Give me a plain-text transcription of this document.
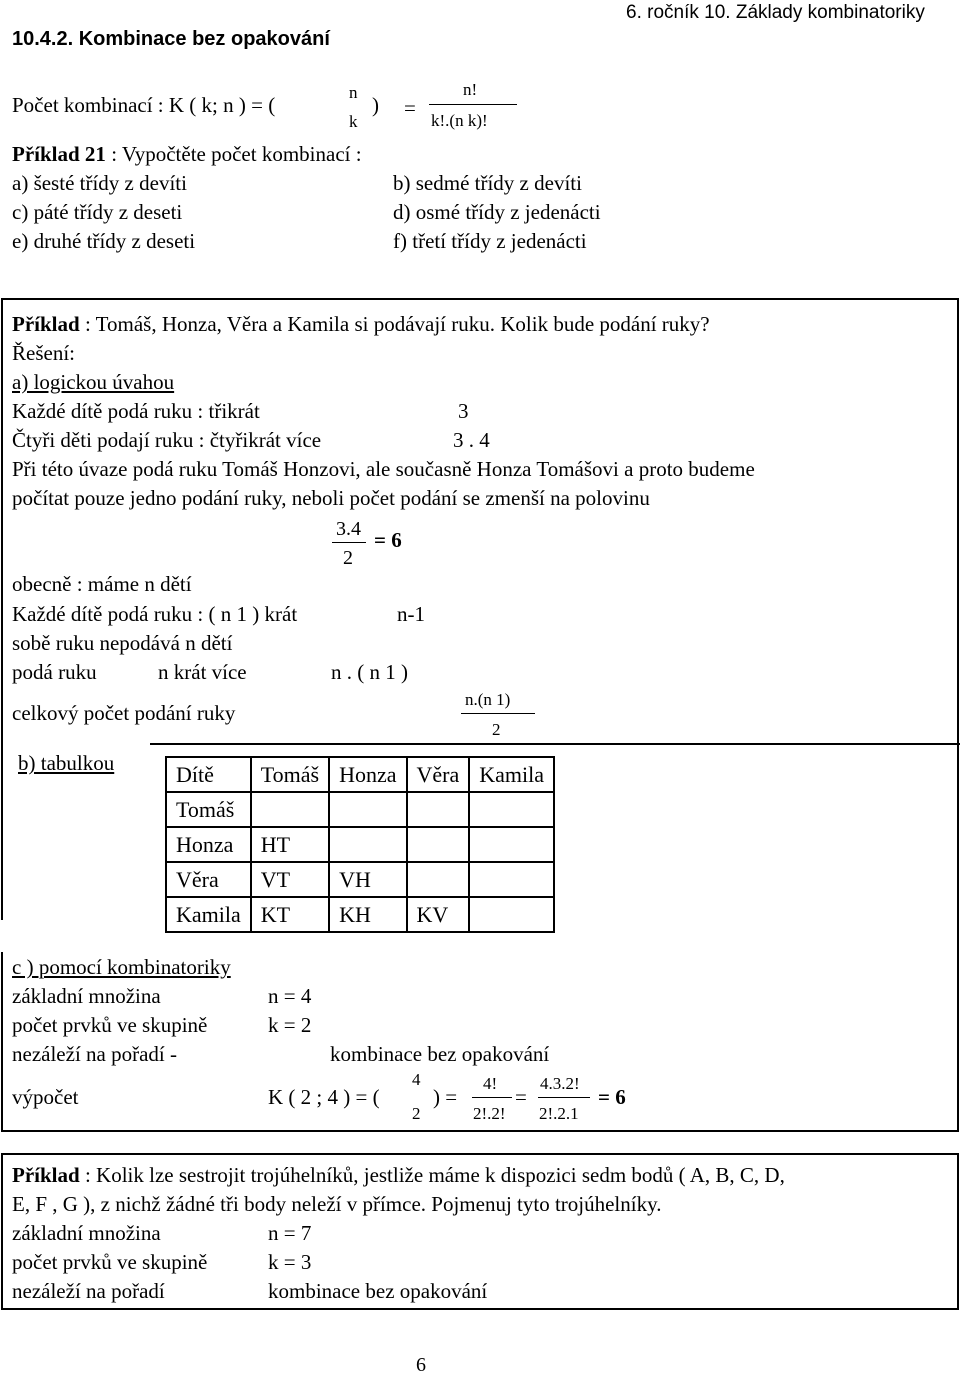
10.4.2. Kombinace bez opakování
6. ročník 10. Základy kombinatoriky
Počet kombinací : K ( k; n ) = (
n
k
) =
n!
k!.(n k)!
Příklad 21 : Vypočtěte počet kombinací :
a) šesté třídy z devíti
c) páté třídy z deseti
e) druhé třídy z deseti
b) sedmé třídy z devíti
d) osmé třídy z jedenácti
f) třetí třídy z jedenácti
Příklad : Tomáš, Honza, Věra a Kamila si podávají ruku. Kolik bude podání ruky?
Řešení:
a) logickou úvahou
Každé dítě podá ruku : třikrát	3
Čtyři děti podají ruku : čtyřikrát více	3 . 4
Při této úvaze podá ruku Tomáš Honzovi, ale současně Honza Tomášovi a proto budeme
počítat pouze jedno podání ruky, neboli počet podání se zmenší na polovinu
3.4
2
= 6
obecně : máme n dětí
Každé dítě podá ruku : ( n 1 ) krát	n-1
sobě ruku nepodává n dětí
podá ruku	n krát více	n . ( n 1 )
celkový počet podání ruky
n.(n 1)
2
b) tabulkou	Dítě	Tomáš	Honza	Věra	Kamila
Tomáš				
Honza	HT			
Věra	VT	VH		
Kamila	KT	KH	KV	
c ) pomocí kombinatoriky
základní množina	n = 4
počet prvků ve skupině	k = 2
nezáleží na pořadí -	kombinace bez opakování
výpočet	K ( 2 ; 4 ) = (
4
2
) =
4!
2!.2!
=
4.3.2!
2!.2.1
= 6
Příklad : Kolik lze sestrojit trojúhelníků, jestliže máme k dispozici sedm bodů ( A, B, C, D,
E, F , G ), z nichž žádné tři body neleží v přímce. Pojmenuj tyto trojúhelníky.
základní množina	n = 7
počet prvků ve skupině	k = 3
nezáleží na pořadí	kombinace bez opakování
6
